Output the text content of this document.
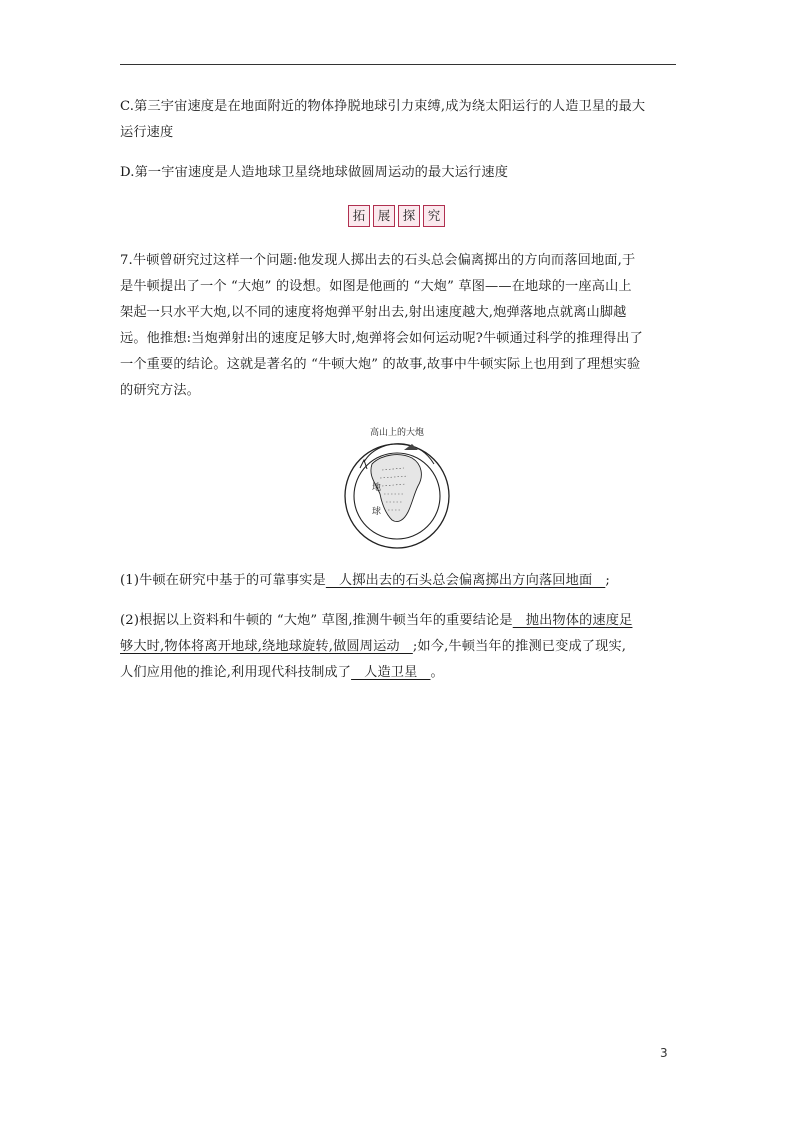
C.第三宇宙速度是在地面附近的物体挣脱地球引力束缚,成为绕太阳运行的人造卫星的最大
运行速度
D.第一宇宙速度是人造地球卫星绕地球做圆周运动的最大运行速度
拓 展 探 究
7.牛顿曾研究过这样一个问题:他发现人掷出去的石头总会偏离掷出的方向而落回地面,于
是牛顿提出了一个 “大炮” 的设想。如图是他画的 “大炮” 草图——在地球的一座高山上
架起一只水平大炮,以不同的速度将炮弹平射出去,射出速度越大,炮弹落地点就离山脚越
远。他推想:当炮弹射出的速度足够大时,炮弹将会如何运动呢?牛顿通过科学的推理得出了
一个重要的结论。这就是著名的 “牛顿大炮” 的故事,故事中牛顿实际上也用到了理想实验
的研究方法。
高山上的大炮
地
球
(1)牛顿在研究中基于的可靠事实是   人掷出去的石头总会偏离掷出方向落回地面   ;
(2)根据以上资料和牛顿的 “大炮” 草图,推测牛顿当年的重要结论是   抛出物体的速度足
够大时,物体将离开地球,绕地球旋转,做圆周运动   ;如今,牛顿当年的推测已变成了现实,
人们应用他的推论,利用现代科技制成了   人造卫星   。
3
